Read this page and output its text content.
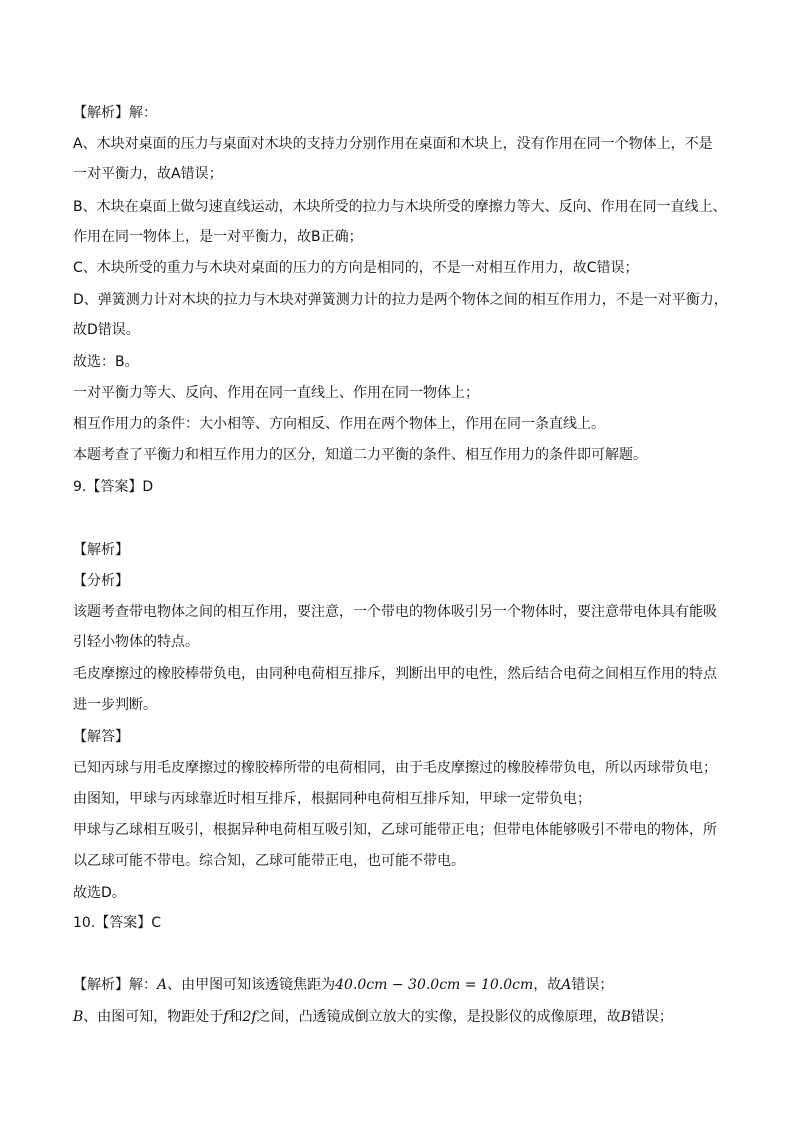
【解析】解：
A、木块对桌面的压力与桌面对木块的支持力分别作用在桌面和木块上，没有作用在同一个物体上，不是
一对平衡力，故A错误；
B、木块在桌面上做匀速直线运动，木块所受的拉力与木块所受的摩擦力等大、反向、作用在同一直线上、
作用在同一物体上，是一对平衡力，故B正确；
C、木块所受的重力与木块对桌面的压力的方向是相同的，不是一对相互作用力，故C错误；
D、弹簧测力计对木块的拉力与木块对弹簧测力计的拉力是两个物体之间的相互作用力，不是一对平衡力，
故D错误。
故选：B。
一对平衡力等大、反向、作用在同一直线上、作用在同一物体上；
相互作用力的条件：大小相等、方向相反、作用在两个物体上，作用在同一条直线上。
本题考查了平衡力和相互作用力的区分，知道二力平衡的条件、相互作用力的条件即可解题。
9.【答案】D
【解析】
【分析】
该题考查带电物体之间的相互作用，要注意，一个带电的物体吸引另一个物体时，要注意带电体具有能吸
引轻小物体的特点。
毛皮摩擦过的橡胶棒带负电，由同种电荷相互排斥，判断出甲的电性，然后结合电荷之间相互作用的特点
进一步判断。
【解答】
已知丙球与用毛皮摩擦过的橡胶棒所带的电荷相同，由于毛皮摩擦过的橡胶棒带负电，所以丙球带负电；
由图知，甲球与丙球靠近时相互排斥，根据同种电荷相互排斥知，甲球一定带负电；
甲球与乙球相互吸引，根据异种电荷相互吸引知，乙球可能带正电；但带电体能够吸引不带电的物体，所
以乙球可能不带电。综合知，乙球可能带正电，也可能不带电。
故选D。
10.【答案】C
【解析】解：A、由甲图可知该透镜焦距为40.0cm − 30.0cm = 10.0cm，故A错误；
B、由图可知，物距处于f和2f之间，凸透镜成倒立放大的实像，是投影仪的成像原理，故B错误；
